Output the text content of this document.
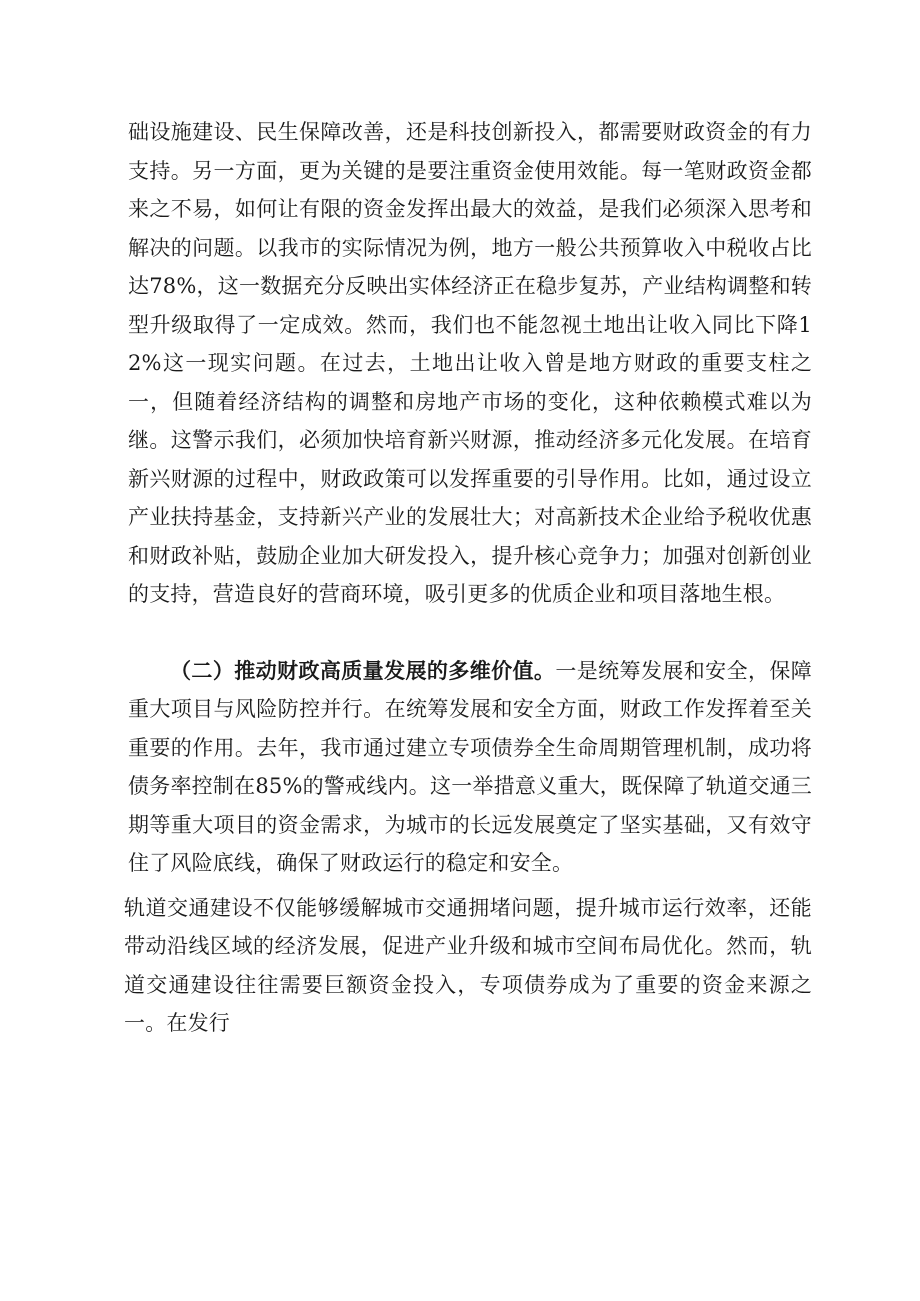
础设施建设、民生保障改善，还是科技创新投入，都需要财政资金的有力支持。另一方面，更为关键的是要注重资金使用效能。每一笔财政资金都来之不易，如何让有限的资金发挥出最大的效益，是我们必须深入思考和解决的问题。以我市的实际情况为例，地方一般公共预算收入中税收占比达78%，这一数据充分反映出实体经济正在稳步复苏，产业结构调整和转型升级取得了一定成效。然而，我们也不能忽视土地出让收入同比下降12%这一现实问题。在过去，土地出让收入曾是地方财政的重要支柱之一，但随着经济结构的调整和房地产市场的变化，这种依赖模式难以为继。这警示我们，必须加快培育新兴财源，推动经济多元化发展。在培育新兴财源的过程中，财政政策可以发挥重要的引导作用。比如，通过设立产业扶持基金，支持新兴产业的发展壮大；对高新技术企业给予税收优惠和财政补贴，鼓励企业加大研发投入，提升核心竞争力；加强对创新创业的支持，营造良好的营商环境，吸引更多的优质企业和项目落地生根。

（二）推动财政高质量发展的多维价值。一是统筹发展和安全，保障重大项目与风险防控并行。在统筹发展和安全方面，财政工作发挥着至关重要的作用。去年，我市通过建立专项债券全生命周期管理机制，成功将债务率控制在85%的警戒线内。这一举措意义重大，既保障了轨道交通三期等重大项目的资金需求，为城市的长远发展奠定了坚实基础，又有效守住了风险底线，确保了财政运行的稳定和安全。

轨道交通建设不仅能够缓解城市交通拥堵问题，提升城市运行效率，还能带动沿线区域的经济发展，促进产业升级和城市空间布局优化。然而，轨道交通建设往往需要巨额资金投入，专项债券成为了重要的资金来源之一。在发行
